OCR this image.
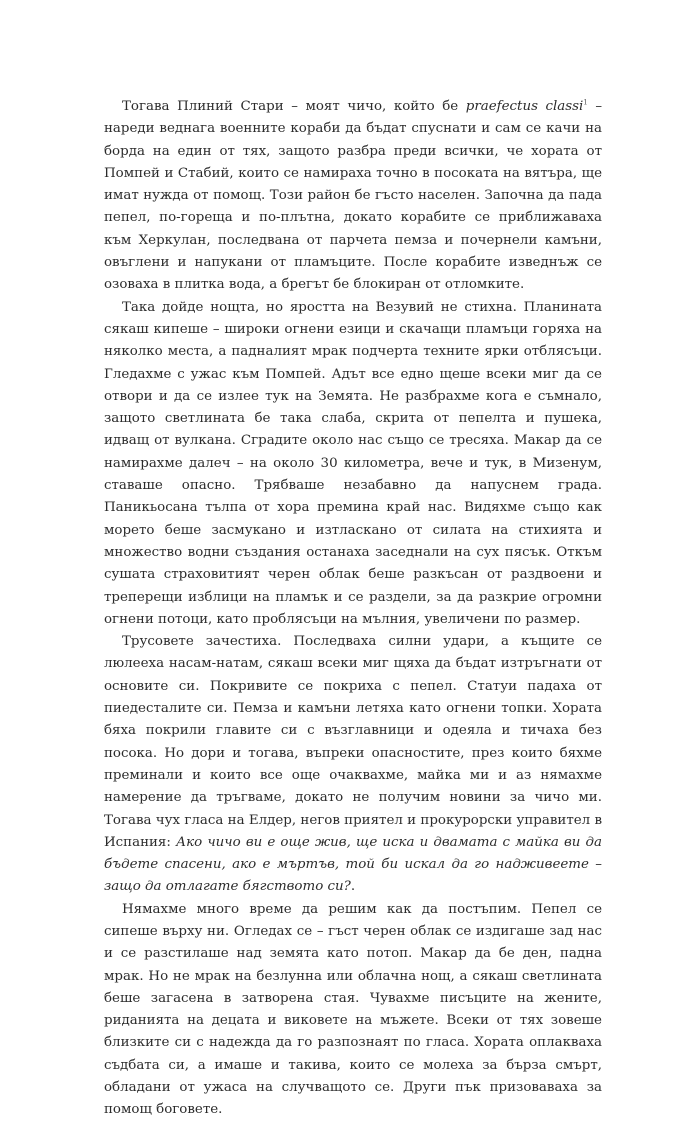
Тогава Плиний Стари – моят чичо, който бе praefectus classi$^1$ – нареди веднага военните кораби да бъдат спуснати и сам се качи на борда на един от тях, защото разбра преди всички, че хората от Помпей и Стабий, които се намираха точно в посоката на вятъра, ще имат нужда от помощ. Този район бе гъсто населен. Започна да пада пепел, по-гореща и по-плътна, докато корабите се приближаваха към Херкулан, последвана от парчета пемза и почернели камъни, овъглени и напукани от пламъците. После корабите изведнъж се озоваха в плитка вода, а брегът бе блокиран от отломките.

Така дойде нощта, но яростта на Везувий не стихна. Планината сякаш кипеше – широки огнени езици и скачащи пламъци горяха на няколко места, а падналият мрак подчерта техните ярки отблясъци. Гледахме с ужас към Помпей. Адът все едно щеше всеки миг да се отвори и да се излее тук на Земята. Не разбрахме кога е съмнало, защото светлината бе така слаба, скрита от пепелта и пушека, идващ от вулкана. Сградите около нас също се тресяха. Макар да се намирахме далеч – на около 30 километра, вече и тук, в Мизенум, ставаше опасно. Трябваше незабавно да напуснем града. Паникьосана тълпа от хора премина край нас. Видяхме също как морето беше засмукано и изтласкано от силата на стихията и множество водни създания останаха заседнали на сух пясък. Откъм сушата страховитият черен облак беше разкъсан от раздвоени и треперещи изблици на пламък и се раздели, за да разкрие огромни огнени потоци, като проблясъци на мълния, увеличени по размер.

Трусовете зачестиха. Последваха силни удари, а къщите се люлееха насам-натам, сякаш всеки миг щяха да бъдат изтръгнати от основите си. Покривите се покриха с пепел. Статуи падаха от пиедесталите си. Пемза и камъни летяха като огнени топки. Хората бяха покрили главите си с възглавници и одеяла и тичаха без посока. Но дори и тогава, въпреки опасностите, през които бяхме преминали и които все още очаквахме, майка ми и аз нямахме намерение да тръгваме, докато не получим новини за чичо ми. Тогава чух гласа на Елдер, негов приятел и прокурорски управител в Испания: Ако чичо ви е още жив, ще иска и двамата с майка ви да бъдете спасени, ако е мъртъв, той би искал да го надживеете – защо да отлагате бягството си?.

Нямахме много време да решим как да постъпим. Пепел се сипеше върху ни. Огледах се – гъст черен облак се издигаше зад нас и се разстилаше над земята като потоп. Макар да бе ден, падна мрак. Но не мрак на безлунна или облачна нощ, а сякаш светлината беше загасена в затворена стая. Чувахме писъците на жените, риданията на децата и виковете на мъжете. Всеки от тях зовеше близките си с надежда да го разпознаят по гласа. Хората оплакваха съдбата си, а имаше и такива, които се молеха за бърза смърт, обладани от ужаса на случващото се. Други пък призоваваха за помощ боговете.
